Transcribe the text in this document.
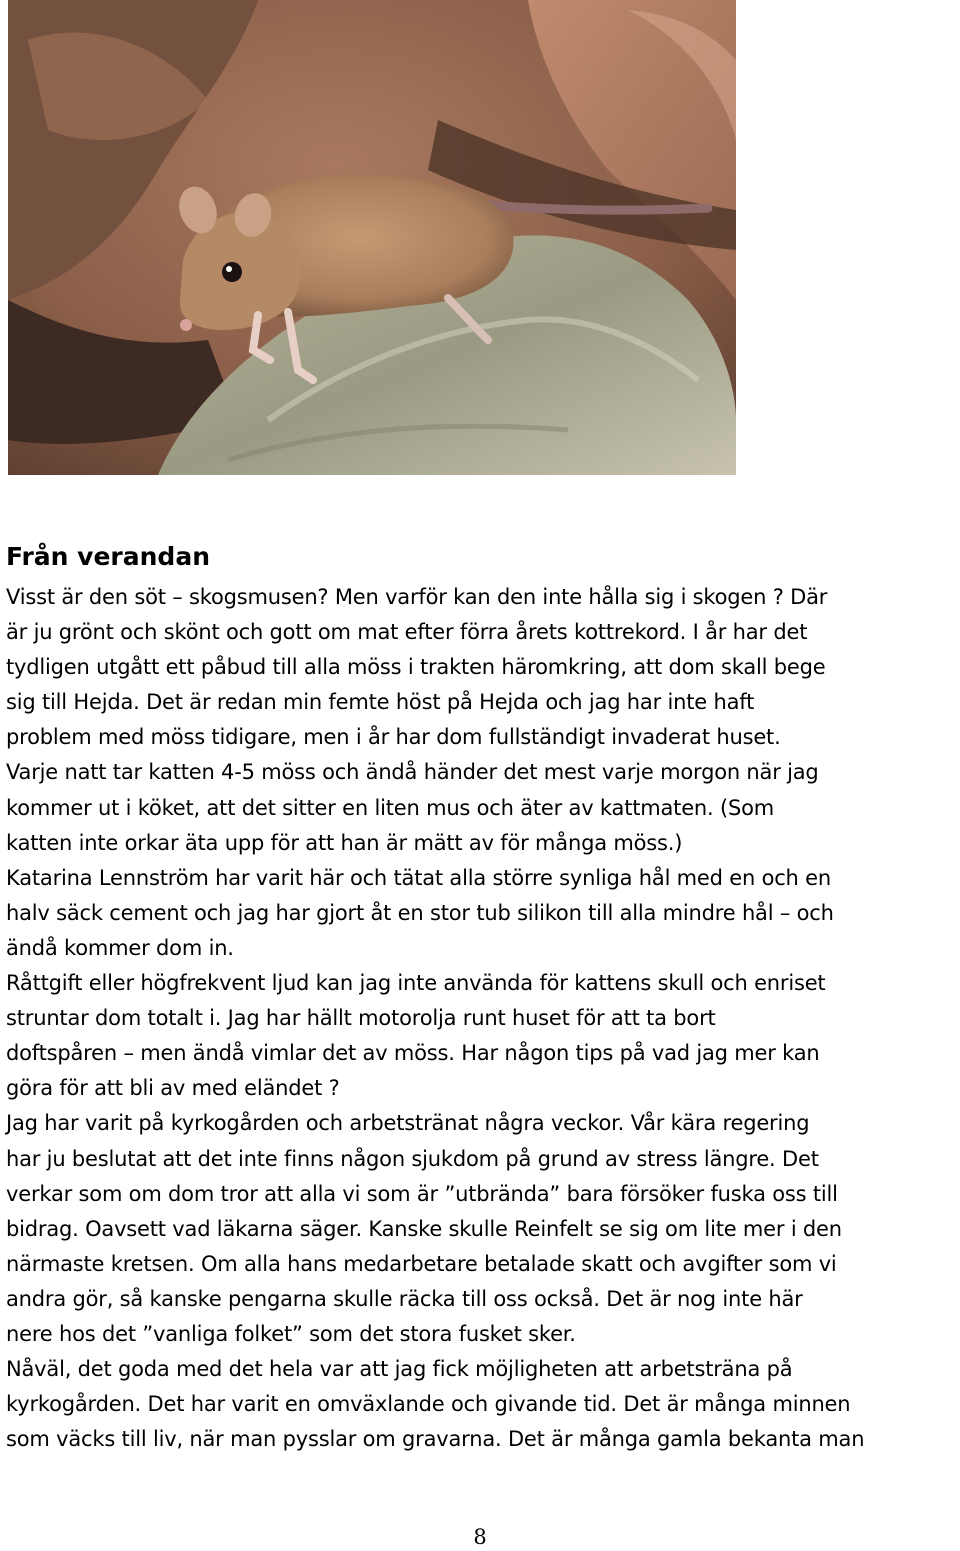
Från verandan
Visst är den söt – skogsmusen? Men varför kan den inte hålla sig i skogen ? Där
är ju grönt och skönt och gott om mat efter förra årets kottrekord. I år har det
tydligen utgått ett påbud till alla möss i trakten häromkring, att dom skall bege
sig till Hejda. Det är redan min femte höst på Hejda och jag har inte haft
problem med möss tidigare, men i år har dom fullständigt invaderat huset.
Varje natt tar katten 4-5 möss och ändå händer det mest varje morgon när jag
kommer ut i köket, att det sitter en liten mus och äter av kattmaten. (Som
katten inte orkar äta upp för att han är mätt av för många möss.)
Katarina Lennström har varit här och tätat alla större synliga hål med en och en
halv säck cement och jag har gjort åt en stor tub silikon till alla mindre hål – och
ändå kommer dom in.
Råttgift eller högfrekvent ljud kan jag inte använda för kattens skull och enriset
struntar dom totalt i. Jag har hällt motorolja runt huset för att ta bort
doftspåren – men ändå vimlar det av möss. Har någon tips på vad jag mer kan
göra för att bli av med eländet ?
Jag har varit på kyrkogården och arbetstränat några veckor. Vår kära regering
har ju beslutat att det inte finns någon sjukdom på grund av stress längre. Det
verkar som om dom tror att alla vi som är ”utbrända” bara försöker fuska oss till
bidrag. Oavsett vad läkarna säger. Kanske skulle Reinfelt se sig om lite mer i den
närmaste kretsen. Om alla hans medarbetare betalade skatt och avgifter som vi
andra gör, så kanske pengarna skulle räcka till oss också. Det är nog inte här
nere hos det ”vanliga folket” som det stora fusket sker.
Nåväl, det goda med det hela var att jag fick möjligheten att arbetsträna på
kyrkogården. Det har varit en omväxlande och givande tid. Det är många minnen
som väcks till liv, när man pysslar om gravarna. Det är många gamla bekanta man
8
